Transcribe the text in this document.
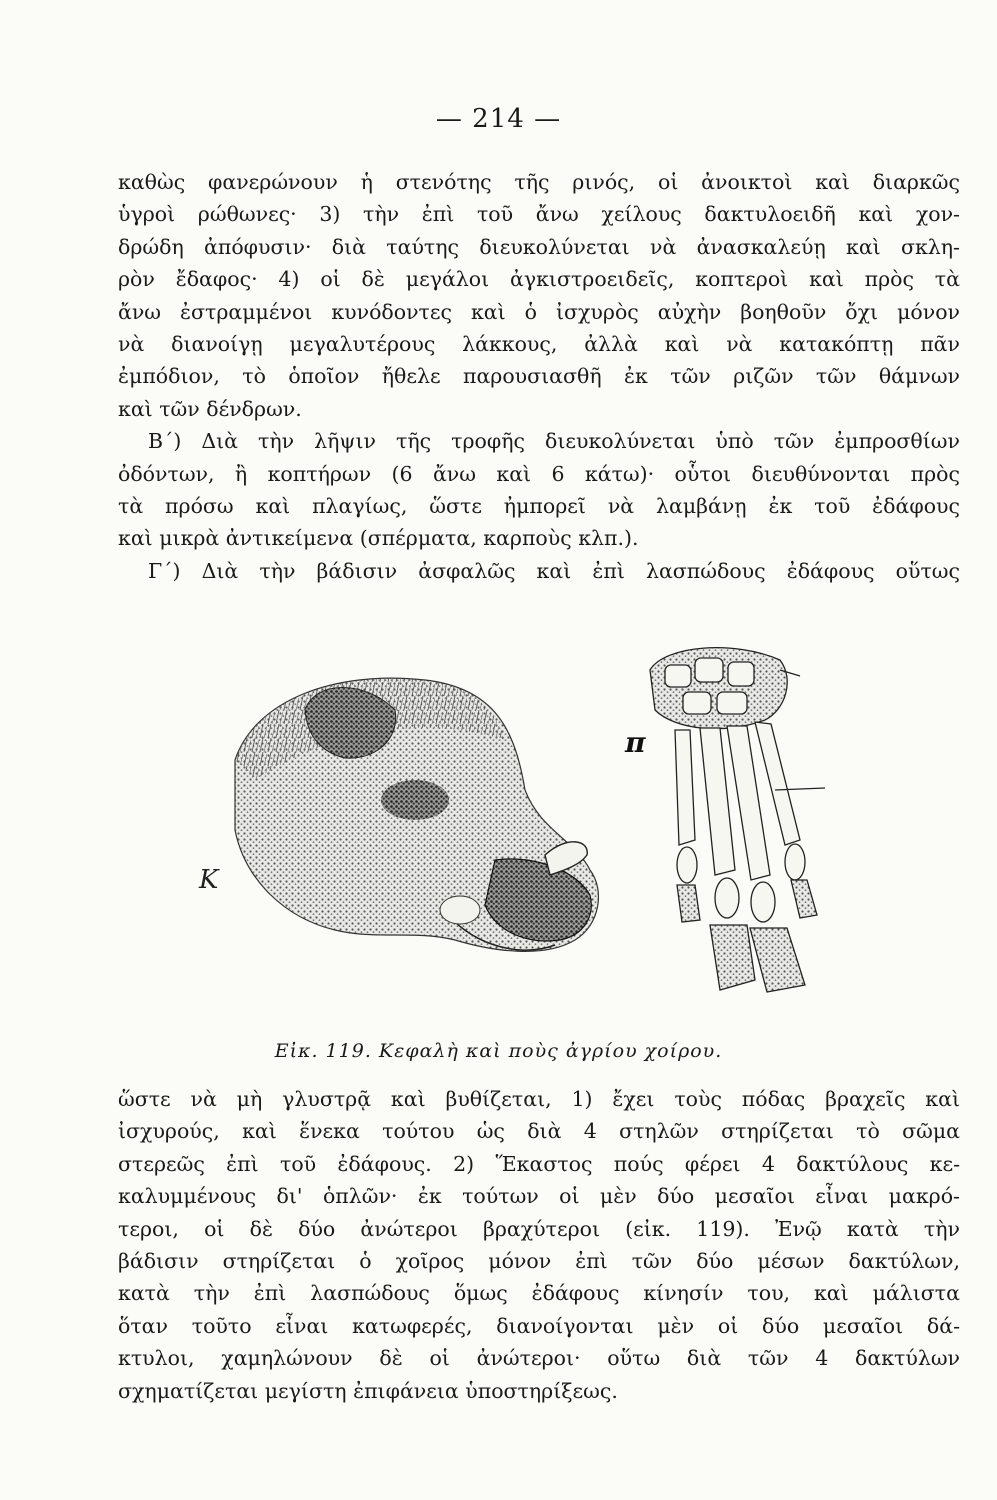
— 214 —
καθὼς φανερώνουν ἡ στενότης τῆς ρινός, οἱ ἀνοικτοὶ καὶ διαρκῶς
ὑγροὶ ρώθωνες· 3) τὴν ἐπὶ τοῦ ἄνω χείλους δακτυλοειδῆ καὶ χον-
δρώδη ἀπόφυσιν· διὰ ταύτης διευκολύνεται νὰ ἀνασκαλεύῃ καὶ σκλη-
ρὸν ἔδαφος· 4) οἱ δὲ μεγάλοι ἀγκιστροειδεῖς, κοπτεροὶ καὶ πρὸς τὰ
ἄνω ἐστραμμένοι κυνόδοντες καὶ ὁ ἰσχυρὸς αὐχὴν βοηθοῦν ὄχι μόνον
νὰ διανοίγῃ μεγαλυτέρους λάκκους, ἀλλὰ καὶ νὰ κατακόπτῃ πᾶν
ἐμπόδιον, τὸ ὁποῖον ἤθελε παρουσιασθῆ ἐκ τῶν ριζῶν τῶν θάμνων
καὶ τῶν δένδρων.
Β΄) Διὰ τὴν λῆψιν τῆς τροφῆς διευκολύνεται ὑπὸ τῶν ἐμπροσθίων
ὀδόντων, ἢ κοπτήρων (6 ἄνω καὶ 6 κάτω)· οὗτοι διευθύνονται πρὸς
τὰ πρόσω καὶ πλαγίως, ὥστε ἠμπορεῖ νὰ λαμβάνῃ ἐκ τοῦ ἐδάφους
καὶ μικρὰ ἀντικείμενα (σπέρματα, καρποὺς κλπ.).
Γ΄) Διὰ τὴν βάδισιν ἀσφαλῶς καὶ ἐπὶ λασπώδους ἐδάφους οὕτως
Κ
π
Εἰκ. 119. Κεφαλὴ καὶ ποὺς ἀγρίου χοίρου.
ὥστε νὰ μὴ γλυστρᾷ καὶ βυθίζεται, 1) ἔχει τοὺς πόδας βραχεῖς καὶ
ἰσχυρούς, καὶ ἕνεκα τούτου ὡς διὰ 4 στηλῶν στηρίζεται τὸ σῶμα
στερεῶς ἐπὶ τοῦ ἐδάφους. 2) Ἕκαστος πούς φέρει 4 δακτύλους κε-
καλυμμένους δι' ὁπλῶν· ἐκ τούτων οἱ μὲν δύο μεσαῖοι εἶναι μακρό-
τεροι, οἱ δὲ δύο ἀνώτεροι βραχύτεροι (εἰκ. 119). Ἐνῷ κατὰ τὴν
βάδισιν στηρίζεται ὁ χοῖρος μόνον ἐπὶ τῶν δύο μέσων δακτύλων,
κατὰ τὴν ἐπὶ λασπώδους ὅμως ἐδάφους κίνησίν του, καὶ μάλιστα
ὅταν τοῦτο εἶναι κατωφερές, διανοίγονται μὲν οἱ δύο μεσαῖοι δά-
κτυλοι, χαμηλώνουν δὲ οἱ ἀνώτεροι· οὕτω διὰ τῶν 4 δακτύλων
σχηματίζεται μεγίστη ἐπιφάνεια ὑποστηρίξεως.
